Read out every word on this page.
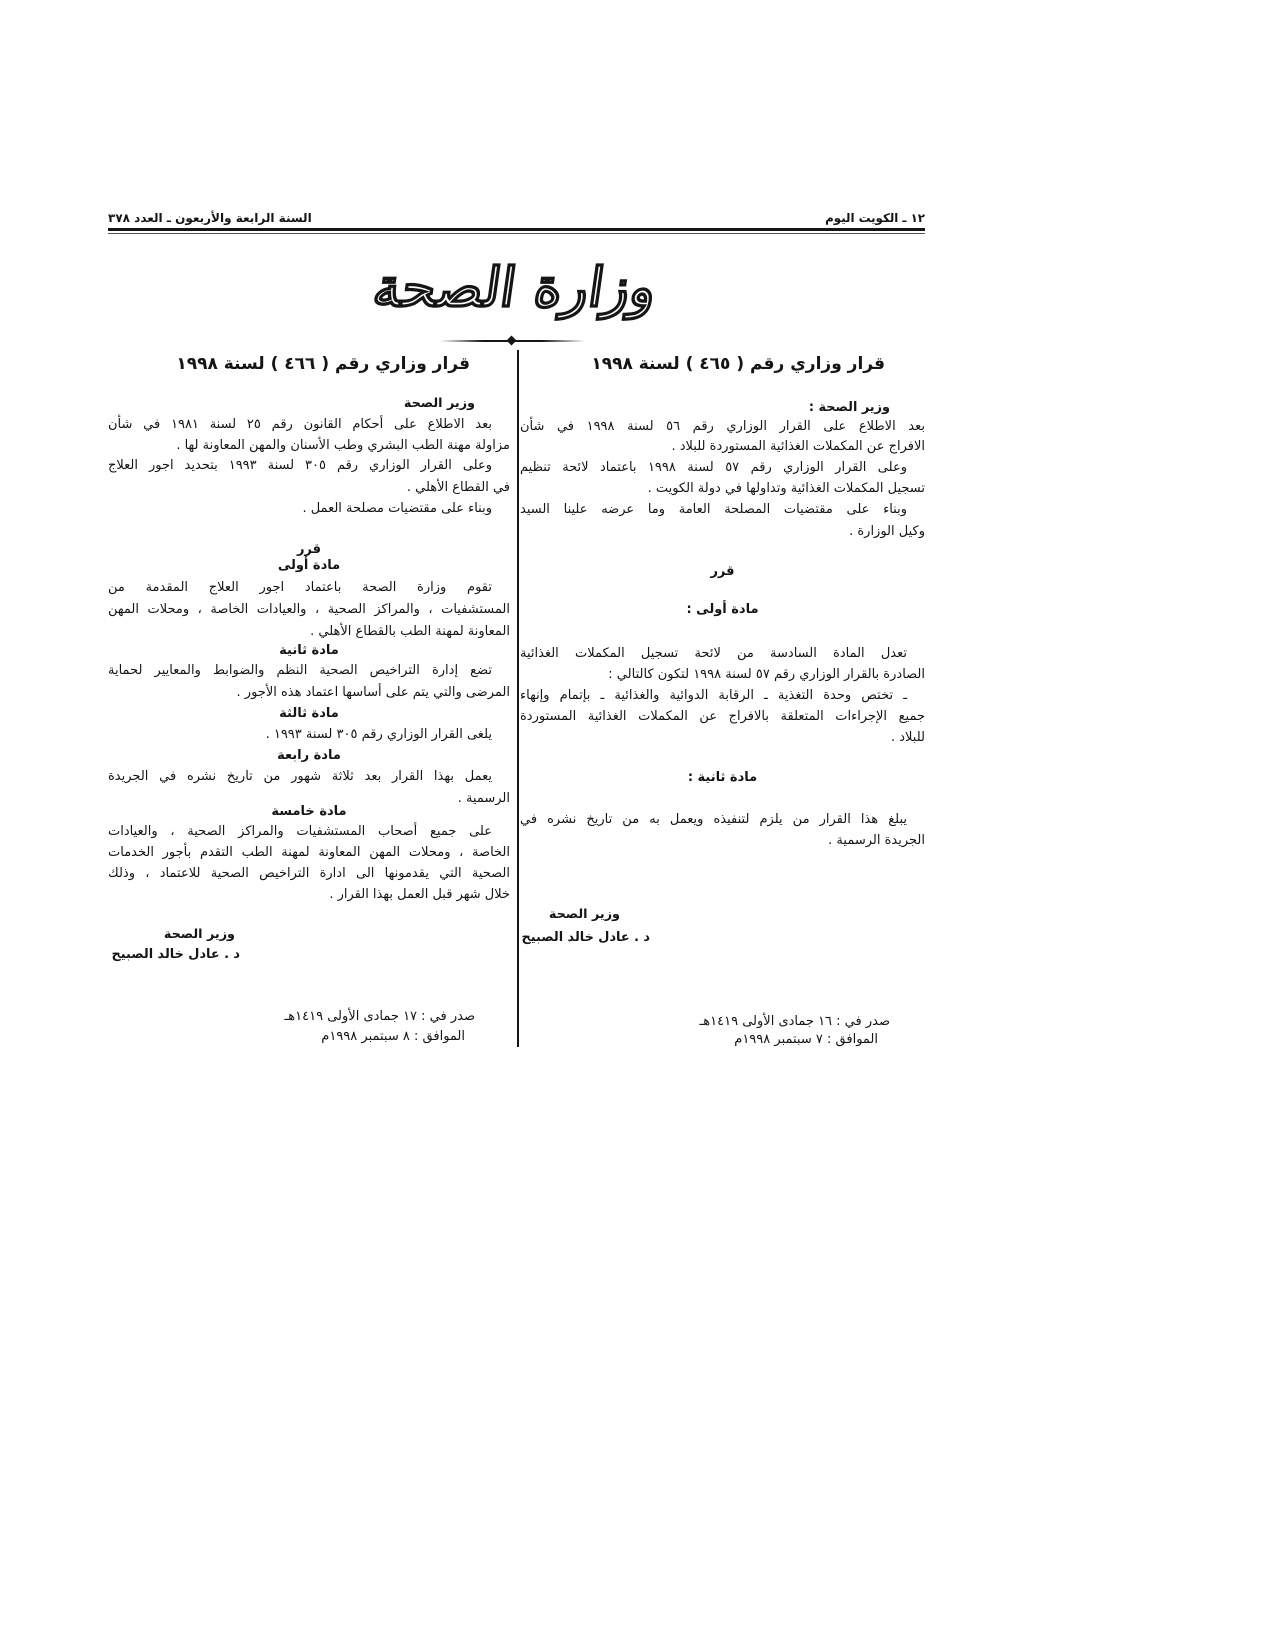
١٢ ـ الكويت اليوم
السنة الرابعة والأربعون ـ العدد ٣٧٨
وزارة الصحة
قرار وزاري رقم ( ٤٦٥ ) لسنة ١٩٩٨
وزير الصحة :
بعد الاطلاع على القرار الوزاري رقم ٥٦ لسنة ١٩٩٨ في شأن
الافراج عن المكملات الغذائية المستوردة للبلاد .
وعلى القرار الوزاري رقم ٥٧ لسنة ١٩٩٨ باعتماد لائحة تنظيم
تسجيل المكملات الغذائية وتداولها في دولة الكويت .
وبناء على مقتضيات المصلحة العامة وما عرضه علينا السيد
وكيل الوزارة .
قرر
مادة أولى :
تعدل المادة السادسة من لائحة تسجيل المكملات الغذائية
الصادرة بالقرار الوزاري رقم ٥٧ لسنة ١٩٩٨ لتكون كالتالي :
ـ تختص وحدة التغذية ـ الرقابة الدوائية والغذائية ـ بإتمام وإنهاء
جميع الإجراءات المتعلقة بالافراج عن المكملات الغذائية المستوردة
للبلاد .
مادة ثانية :
يبلغ هذا القرار من يلزم لتنفيذه ويعمل به من تاريخ نشره في
الجريدة الرسمية .
وزير الصحة
د . عادل خالد الصبيح
صدر في : ١٦ جمادى الأولى ١٤١٩هـ
الموافق : ٧ سبتمبر ١٩٩٨م
قرار وزاري رقم ( ٤٦٦ ) لسنة ١٩٩٨
وزير الصحة
بعد الاطلاع على أحكام القانون رقم ٢٥ لسنة ١٩٨١ في شأن
مزاولة مهنة الطب البشري وطب الأسنان والمهن المعاونة لها .
وعلى القرار الوزاري رقم ٣٠٥ لسنة ١٩٩٣ بتحديد اجور العلاج
في القطاع الأهلي .
وبناء على مقتضيات مصلحة العمل .
قرر
مادة أولى
تقوم وزارة الصحة باعتماد اجور العلاج المقدمة من
المستشفيات ، والمراكز الصحية ، والعيادات الخاصة ، ومحلات المهن
المعاونة لمهنة الطب بالقطاع الأهلي .
مادة ثانية
تضع إدارة التراخيص الصحية النظم والضوابط والمعايير لحماية
المرضى والتي يتم على أساسها اعتماد هذه الأجور .
مادة ثالثة
يلغى القرار الوزاري رقم ٣٠٥ لسنة ١٩٩٣ .
مادة رابعة
يعمل بهذا القرار بعد ثلاثة شهور من تاريخ نشره في الجريدة
الرسمية .
مادة خامسة
على جميع أصحاب المستشفيات والمراكز الصحية ، والعيادات
الخاصة ، ومحلات المهن المعاونة لمهنة الطب التقدم بأجور الخدمات
الصحية التي يقدمونها الى ادارة التراخيص الصحية للاعتماد ، وذلك
خلال شهر قبل العمل بهذا القرار .
وزير الصحة
د . عادل خالد الصبيح
صدر في : ١٧ جمادى الأولى ١٤١٩هـ
الموافق : ٨ سبتمبر ١٩٩٨م
